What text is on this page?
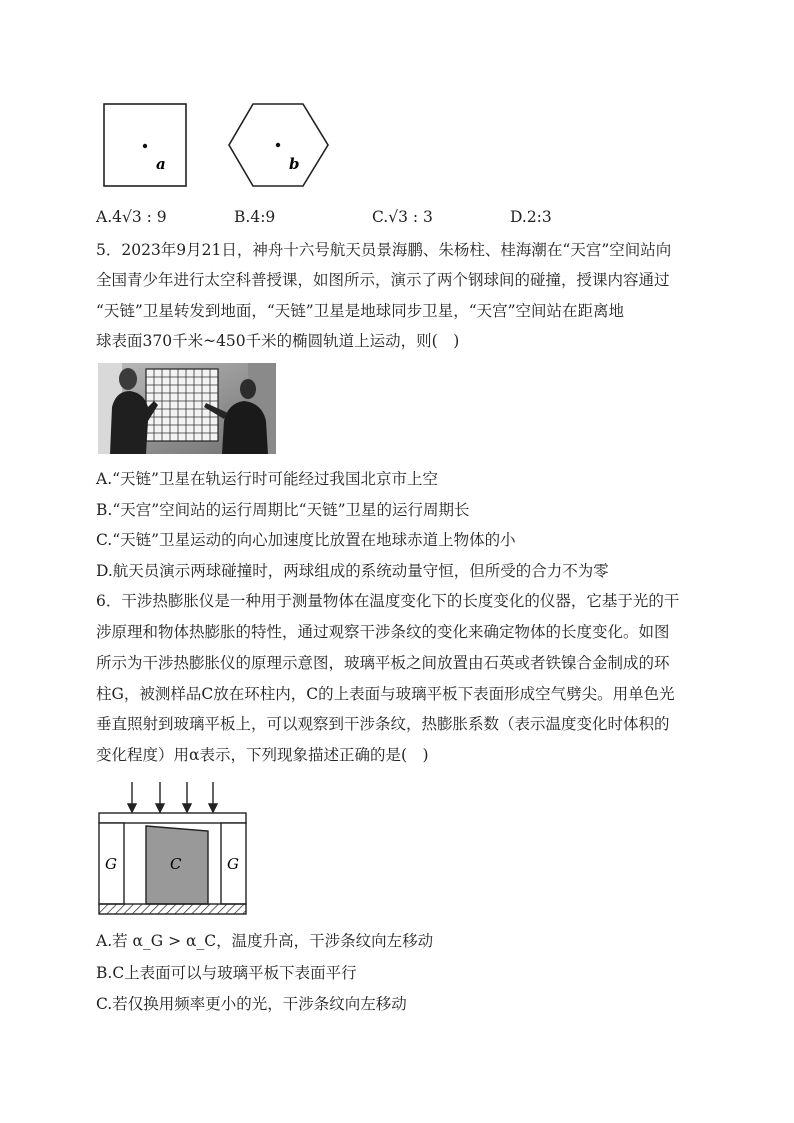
a	b
A.4√3 : 9	B.4:9	C.√3 : 3	D.2:3
5．2023年9月21日，神舟十六号航天员景海鹏、朱杨柱、桂海潮在“天宫”空间站向
全国青少年进行太空科普授课，如图所示，演示了两个钢球间的碰撞，授课内容通过
“天链”卫星转发到地面，“天链”卫星是地球同步卫星，“天宫”空间站在距离地
球表面370千米~450千米的椭圆轨道上运动，则(　)
A.“天链”卫星在轨运行时可能经过我国北京市上空
B.“天宫”空间站的运行周期比“天链”卫星的运行周期长
C.“天链”卫星运动的向心加速度比放置在地球赤道上物体的小
D.航天员演示两球碰撞时，两球组成的系统动量守恒，但所受的合力不为零
6．干涉热膨胀仪是一种用于测量物体在温度变化下的长度变化的仪器，它基于光的干
涉原理和物体热膨胀的特性，通过观察干涉条纹的变化来确定物体的长度变化。如图
所示为干涉热膨胀仪的原理示意图，玻璃平板之间放置由石英或者铁镍合金制成的环
柱G，被测样品C放在环柱内，C的上表面与玻璃平板下表面形成空气劈尖。用单色光
垂直照射到玻璃平板上，可以观察到干涉条纹，热膨胀系数（表示温度变化时体积的
变化程度）用α表示，下列现象描述正确的是(　)
G	C	G
A.若 α_G > α_C，温度升高，干涉条纹向左移动
B.C上表面可以与玻璃平板下表面平行
C.若仅换用频率更小的光，干涉条纹向左移动
